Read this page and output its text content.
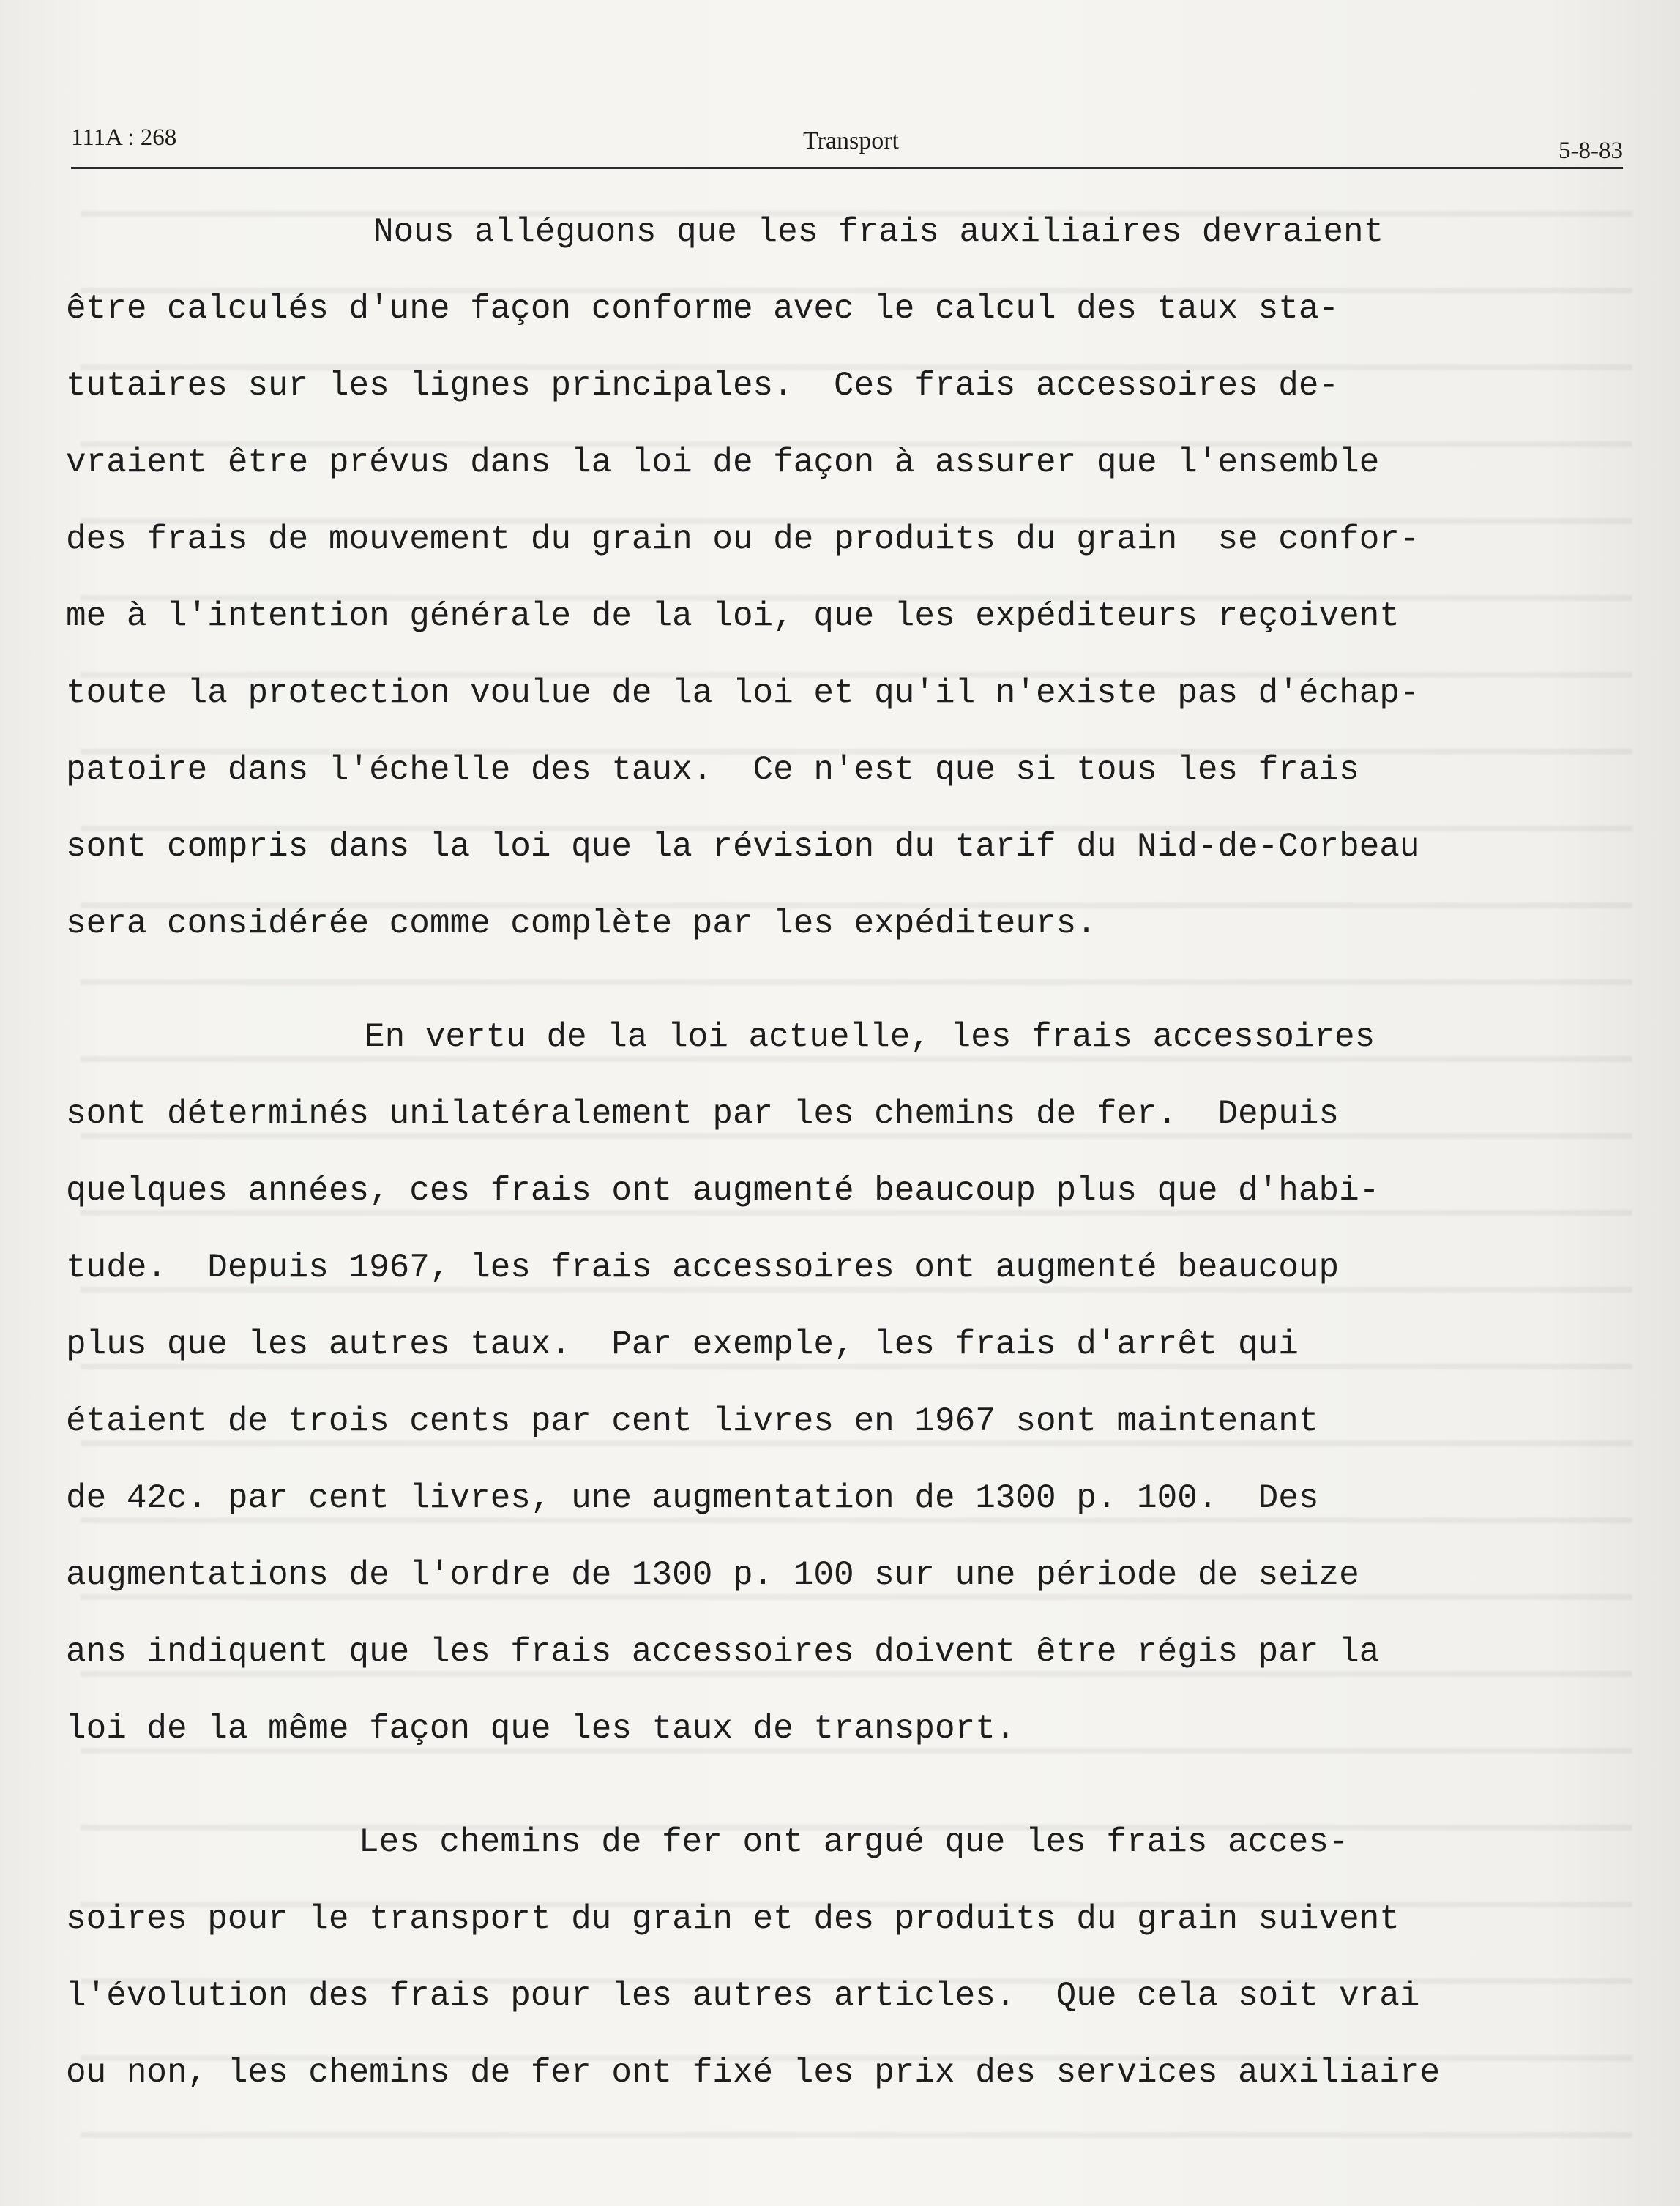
111A : 268	Transport	5-8-83
Nous alléguons que les frais auxiliaires devraient
être calculés d'une façon conforme avec le calcul des taux sta-
tutaires sur les lignes principales.  Ces frais accessoires de-
vraient être prévus dans la loi de façon à assurer que l'ensemble
des frais de mouvement du grain ou de produits du grain  se confor-
me à l'intention générale de la loi, que les expéditeurs reçoivent
toute la protection voulue de la loi et qu'il n'existe pas d'échap-
patoire dans l'échelle des taux.  Ce n'est que si tous les frais
sont compris dans la loi que la révision du tarif du Nid-de-Corbeau
sera considérée comme complète par les expéditeurs.
En vertu de la loi actuelle, les frais accessoires
sont déterminés unilatéralement par les chemins de fer.  Depuis
quelques années, ces frais ont augmenté beaucoup plus que d'habi-
tude.  Depuis 1967, les frais accessoires ont augmenté beaucoup
plus que les autres taux.  Par exemple, les frais d'arrêt qui
étaient de trois cents par cent livres en 1967 sont maintenant
de 42c. par cent livres, une augmentation de 1300 p. 100.  Des
augmentations de l'ordre de 1300 p. 100 sur une période de seize
ans indiquent que les frais accessoires doivent être régis par la
loi de la même façon que les taux de transport.
Les chemins de fer ont argué que les frais acces-
soires pour le transport du grain et des produits du grain suivent
l'évolution des frais pour les autres articles.  Que cela soit vrai
ou non, les chemins de fer ont fixé les prix des services auxiliaire
